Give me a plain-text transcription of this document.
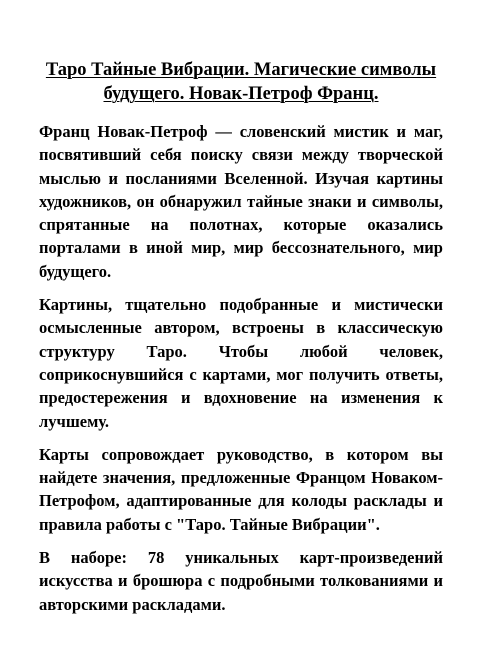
Таро Тайные Вибрации. Магические символы будущего. Новак-Петроф Франц.

Франц Новак-Петроф — словенский мистик и маг, посвятивший себя поиску связи между творческой мыслью и посланиями Вселенной. Изучая картины художников, он обнаружил тайные знаки и символы, спрятанные на полотнах, которые оказались порталами в иной мир, мир бессознательного, мир будущего.

Картины, тщательно подобранные и мистически осмысленные автором, встроены в классическую структуру Таро. Чтобы любой человек, соприкоснувшийся с картами, мог получить ответы, предостережения и вдохновение на изменения к лучшему.

Карты сопровождает руководство, в котором вы найдете значения, предложенные Францом Новаком-Петрофом, адаптированные для колоды расклады и правила работы с "Таро. Тайные Вибрации".

В наборе: 78 уникальных карт-произведений искусства и брошюра с подробными толкованиями и авторскими раскладами.
